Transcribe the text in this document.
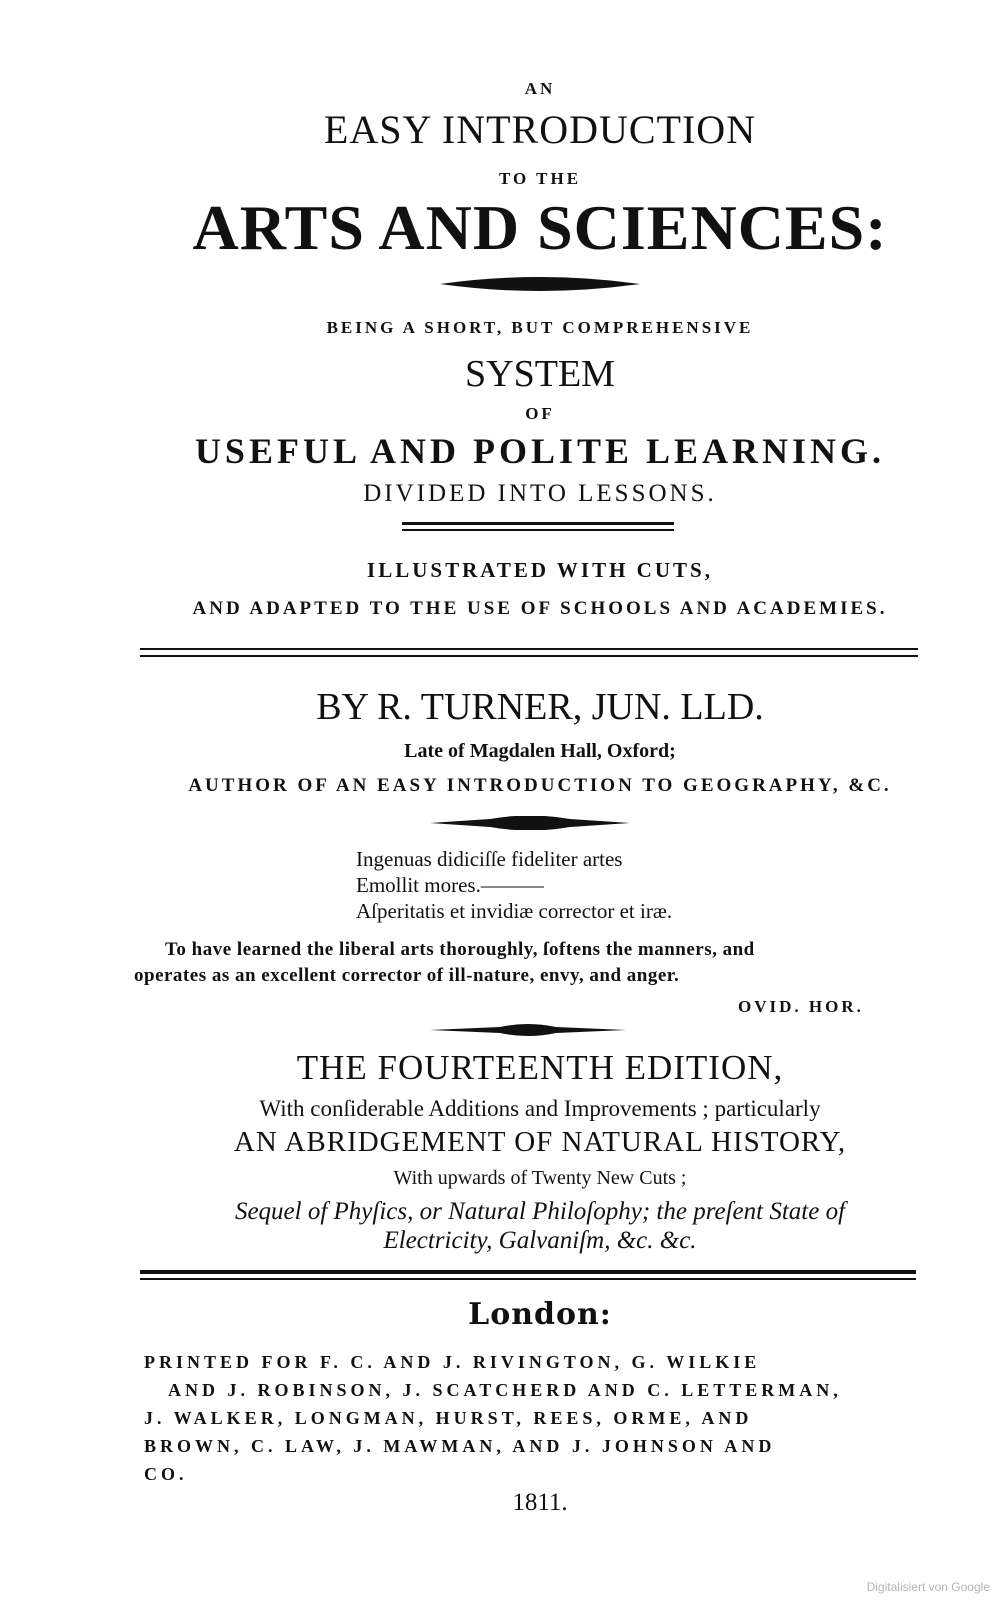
AN
EASY INTRODUCTION
TO THE
ARTS AND SCIENCES:
BEING A SHORT, BUT COMPREHENSIVE
SYSTEM
OF
USEFUL AND POLITE LEARNING.
DIVIDED INTO LESSONS.
ILLUSTRATED WITH CUTS,
AND ADAPTED TO THE USE OF SCHOOLS AND ACADEMIES.
BY R. TURNER, JUN. LLD.
Late of Magdalen Hall, Oxford;
AUTHOR OF AN EASY INTRODUCTION TO GEOGRAPHY, &C.
Ingenuas didiciſſe fideliter artes
Emollit mores.———
Aſperitatis et invidiæ corrector et iræ.
To have learned the liberal arts thoroughly, ſoftens the manners, and
operates as an excellent corrector of ill-nature, envy, and anger.
OVID. HOR.
THE FOURTEENTH EDITION,
With conſiderable Additions and Improvements ; particularly
AN ABRIDGEMENT OF NATURAL HISTORY,
With upwards of Twenty New Cuts ;
Sequel of Phyſics, or Natural Philoſophy; the preſent State of
Electricity, Galvaniſm, &c. &c.
London:
PRINTED FOR F. C. AND J. RIVINGTON, G. WILKIE
AND J. ROBINSON, J. SCATCHERD AND C. LETTERMAN,
J. WALKER, LONGMAN, HURST, REES, ORME, AND
BROWN, C. LAW, J. MAWMAN, AND J. JOHNSON AND
CO.
1811.
Digitalisiert von Google
